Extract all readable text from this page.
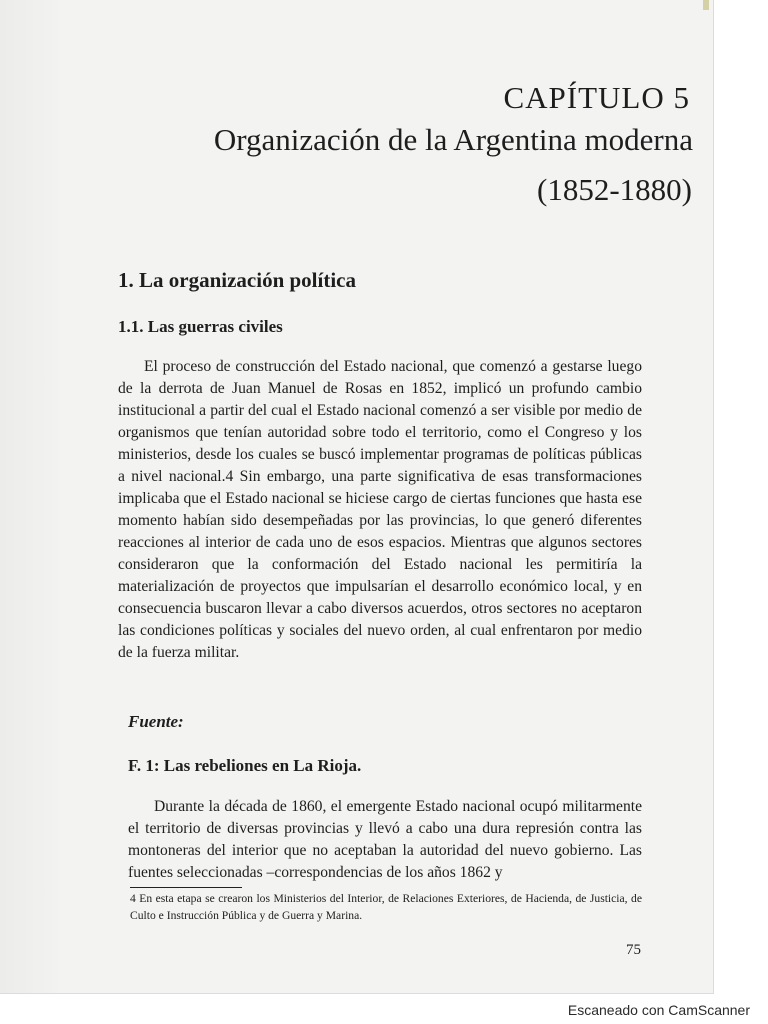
CAPÍTULO 5
Organización de la Argentina moderna
(1852-1880)
1. La organización política
1.1. Las guerras civiles

El proceso de construcción del Estado nacional, que comenzó a gestarse luego de la derrota de Juan Manuel de Rosas en 1852, implicó un profundo cambio institucional a partir del cual el Estado nacional comenzó a ser visible por medio de organismos que tenían autoridad sobre todo el territorio, como el Congreso y los ministerios, desde los cuales se buscó implementar programas de políticas públicas a nivel nacional.4 Sin embargo, una parte significativa de esas transformaciones implicaba que el Estado nacional se hiciese cargo de ciertas funciones que hasta ese momento habían sido desempeñadas por las provincias, lo que generó diferentes reacciones al interior de cada uno de esos espacios. Mientras que algunos sectores consideraron que la conformación del Estado nacional les permitiría la materialización de proyectos que impulsarían el desarrollo económico local, y en consecuencia buscaron llevar a cabo diversos acuerdos, otros sectores no aceptaron las condiciones políticas y sociales del nuevo orden, al cual enfrentaron por medio de la fuerza militar.

Fuente:

F. 1: Las rebeliones en La Rioja.

Durante la década de 1860, el emergente Estado nacional ocupó militarmente el territorio de diversas provincias y llevó a cabo una dura represión contra las montoneras del interior que no aceptaban la autoridad del nuevo gobierno. Las fuentes seleccionadas –correspondencias de los años 1862 y

4 En esta etapa se crearon los Ministerios del Interior, de Relaciones Exteriores, de Hacienda, de Justicia, de Culto e Instrucción Pública y de Guerra y Marina.

75

Escaneado con CamScanner
